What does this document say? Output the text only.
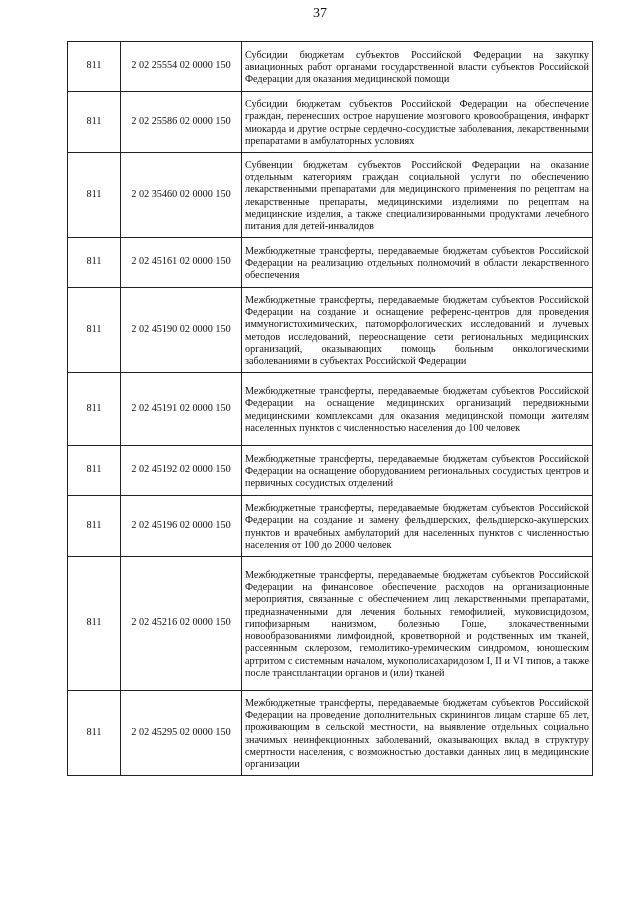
37
811	2 02 25554 02 0000 150	Субсидии бюджетам субъектов Российской Федерации на закупку авиационных работ органами государственной власти субъектов Российской Федерации для оказания медицинской помощи
811	2 02 25586 02 0000 150	Субсидии бюджетам субъектов Российской Федерации на обеспечение граждан, перенесших острое нарушение мозгового кровообращения, инфаркт миокарда и другие острые сердечно-сосудистые заболевания, лекарственными препаратами в амбулаторных условиях
811	2 02 35460 02 0000 150	Субвенции бюджетам субъектов Российской Федерации на оказание отдельным категориям граждан социальной услуги по обеспечению лекарственными препаратами для медицинского применения по рецептам на лекарственные препараты, медицинскими изделиями по рецептам на медицинские изделия, а также специализированными продуктами лечебного питания для детей-инвалидов
811	2 02 45161 02 0000 150	Межбюджетные трансферты, передаваемые бюджетам субъектов Российской Федерации на реализацию отдельных полномочий в области лекарственного обеспечения
811	2 02 45190 02 0000 150	Межбюджетные трансферты, передаваемые бюджетам субъектов Российской Федерации на создание и оснащение референс-центров для проведения иммуногистохимических, патоморфологических исследований и лучевых методов исследований, переоснащение сети региональных медицинских организаций, оказывающих помощь больным онкологическими заболеваниями в субъектах Российской Федерации
811	2 02 45191 02 0000 150	Межбюджетные трансферты, передаваемые бюджетам субъектов Российской Федерации на оснащение медицинских организаций передвижными медицинскими комплексами для оказания медицинской помощи жителям населенных пунктов с численностью населения до 100 человек
811	2 02 45192 02 0000 150	Межбюджетные трансферты, передаваемые бюджетам субъектов Российской Федерации на оснащение оборудованием региональных сосудистых центров и первичных сосудистых отделений
811	2 02 45196 02 0000 150	Межбюджетные трансферты, передаваемые бюджетам субъектов Российской Федерации на создание и замену фельдшерских, фельдшерско-акушерских пунктов и врачебных амбулаторий для населенных пунктов с численностью населения от 100 до 2000 человек
811	2 02 45216 02 0000 150	Межбюджетные трансферты, передаваемые бюджетам субъектов Российской Федерации на финансовое обеспечение расходов на организационные мероприятия, связанные с обеспечением лиц лекарственными препаратами, предназначенными для лечения больных гемофилией, муковисцидозом, гипофизарным нанизмом, болезнью Гоше, злокачественными новообразованиями лимфоидной, кроветворной и родственных им тканей, рассеянным склерозом, гемолитико-уремическим синдромом, юношеским артритом с системным началом, мукополисахаридозом I, II и VI типов, а также после трансплантации органов и (или) тканей
811	2 02 45295 02 0000 150	Межбюджетные трансферты, передаваемые бюджетам субъектов Российской Федерации на проведение дополнительных скринингов лицам старше 65 лет, проживающим в сельской местности, на выявление отдельных социально значимых неинфекционных заболеваний, оказывающих вклад в структуру смертности населения, с возможностью доставки данных лиц в медицинские организации
